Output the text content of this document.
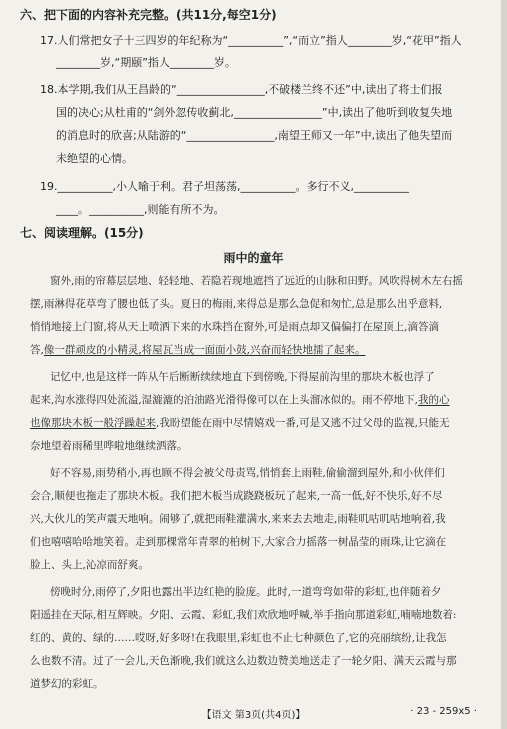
六、把下面的内容补充完整。(共11分,每空1分)
17.人们常把女子十三四岁的年纪称为“__________”,“而立”指人________岁,“花甲”指人
________岁,“期颐”指人________岁。
18.本学期,我们从王昌龄的“________________,不破楼兰终不还”中,读出了将士们报
国的决心;从杜甫的“剑外忽传收蓟北,________________”中,读出了他听到收复失地
的消息时的欣喜;从陆游的“________________,南望王师又一年”中,读出了他失望而
未绝望的心情。
19.__________,小人喻于利。君子坦荡荡,__________。多行不义,__________
____。__________,则能有所不为。
七、阅读理解。(15分)
雨中的童年
窗外,雨的帘幕层层地、轻轻地、若隐若现地遮挡了远近的山脉和田野。风吹得树木左右摇
摆,雨淋得花草弯了腰也低了头。夏日的梅雨,来得总是那么急促和匆忙,总是那么出乎意料,
悄悄地接上门窗,将从天上喷洒下来的水珠挡在窗外,可是雨点却又偏偏打在屋顶上,滴答滴
答,像一群顽皮的小精灵,将屋瓦当成一面面小鼓,兴奋而轻快地擂了起来。
记忆中,也是这样一阵从午后断断续续地直下到傍晚,下得屋前沟里的那块木板也浮了
起来,沟水涨得四处流溢,湿漉漉的泊油路光滑得像可以在上头溜冰似的。雨不停地下,我的心
也像那块木板一般浮躁起来,我盼望能在雨中尽情嬉戏一番,可是又逃不过父母的监视,只能无
奈地望着雨稀里哗啦地继续洒落。
好不容易,雨势稍小,再也顾不得会被父母责骂,悄悄套上雨鞋,偷偷溜到屋外,和小伙伴们
会合,顺便也拖走了那块木板。我们把木板当成跷跷板玩了起来,一高一低,好不快乐,好不尽
兴,大伙儿的笑声震天地响。闹够了,就把雨鞋灌满水,来来去去地走,雨鞋叽咕叽咕地响着,我
们也嘻嘻哈哈地笑着。走到那棵常年青翠的柏树下,大家合力摇落一树晶莹的雨珠,让它滴在
脸上、头上,沁凉而舒爽。
傍晚时分,雨停了,夕阳也露出半边红艳的脸庞。此时,一道弯弯如带的彩虹,也伴随着夕
阳遥挂在天际,相互辉映。夕阳、云霞、彩虹,我们欢欣地呼喊,举手指向那道彩虹,喃喃地数着:
红的、黄的、绿的……哎呀,好多呀!在我眼里,彩虹也不止七种颜色了,它的亮丽缤纷,让我怎
么也数不清。过了一会儿,天色渐晚,我们就这么边数边赞美地送走了一轮夕阳、满天云霞与那
道梦幻的彩虹。
【语文 第3页(共4页)】	· 23 - 259x5 ·
